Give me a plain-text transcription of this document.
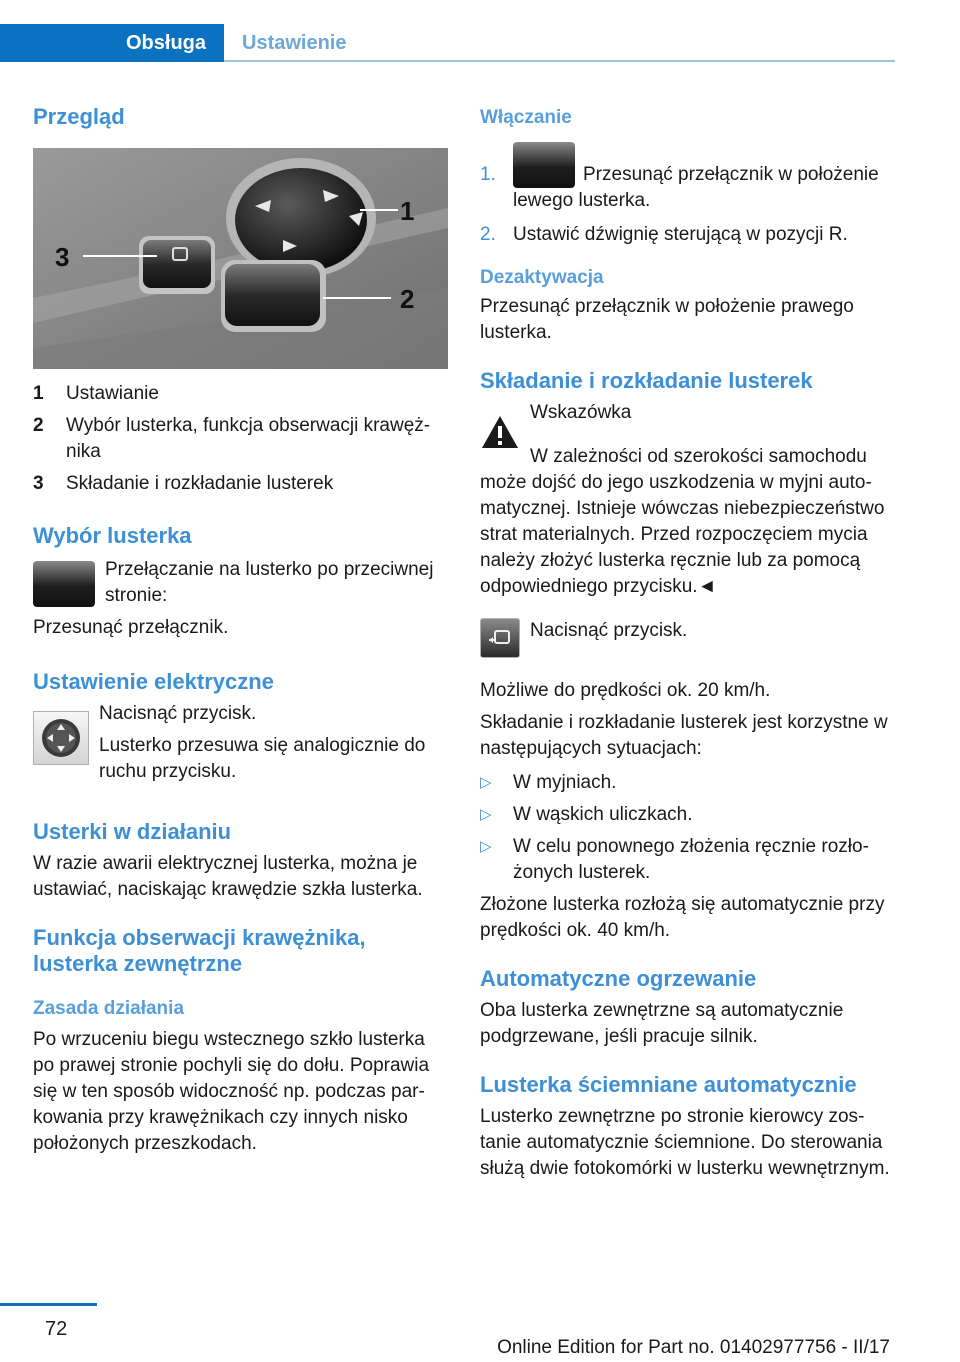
Obsługa	Ustawienie
Przegląd
1
2
3
1	Ustawianie
2	Wybór lusterka, funkcja obserwacji krawężnika
3	Składanie i rozkładanie lusterek
Wybór lusterka

Przełączanie na lusterko po przeciwnej stronie:

Przesunąć przełącznik.

Ustawienie elektryczne

Nacisnąć przycisk.

Lusterko przesuwa się analogicznie do ruchu przycisku.

Usterki w działaniu

W razie awarii elektrycznej lusterka, można je ustawiać, naciskając krawędzie szkła lusterka.

Funkcja obserwacji krawężnika, lusterka zewnętrzne
Zasada działania

Po wrzuceniu biegu wstecznego szkło lusterka po prawej stronie pochyli się do dołu. Poprawia się w ten sposób widoczność np. podczas parkowania przy krawężnikach czy innych nisko położonych przeszkodach.

Włączanie
1.	Przesunąć przełącznik w położenie lewego lusterka.
2. Ustawić dźwignię sterującą w pozycji R.
Dezaktywacja

Przesunąć przełącznik w położenie prawego lusterka.

Składanie i rozkładanie lusterek

Wskazówka

W zależności od szerokości samochodu może dojść do jego uszkodzenia w myjni automatycznej. Istnieje wówczas niebezpieczeństwo strat materialnych. Przed rozpoczęciem mycia należy złożyć lusterka ręcznie lub za pomocą odpowiedniego przycisku.◄

Nacisnąć przycisk.

Możliwe do prędkości ok. 20 km/h.

Składanie i rozkładanie lusterek jest korzystne w następujących sytuacjach:

▷	W myjniach.
▷	W wąskich uliczkach.
▷	W celu ponownego złożenia ręcznie rozłożonych lusterek.

Złożone lusterka rozłożą się automatycznie przy prędkości ok. 40 km/h.

Automatyczne ogrzewanie

Oba lusterka zewnętrzne są automatycznie podgrzewane, jeśli pracuje silnik.

Lusterka ściemniane automatycznie

Lusterko zewnętrzne po stronie kierowcy zostanie automatycznie ściemnione. Do sterowania służą dwie fotokomórki w lusterku wewnętrznym.

72
Online Edition for Part no. 01402977756 - II/17
